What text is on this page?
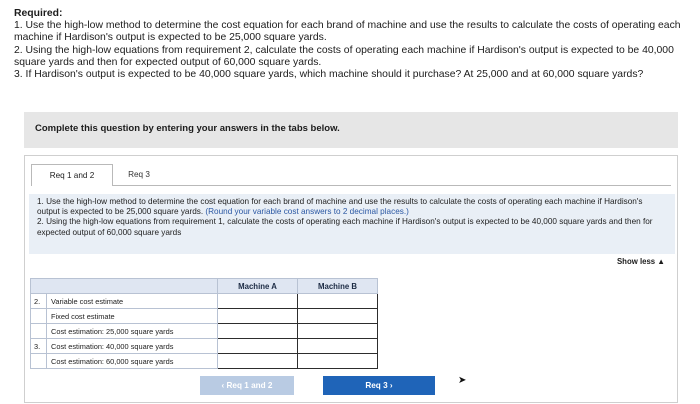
Required:
1. Use the high-low method to determine the cost equation for each brand of machine and use the results to calculate the costs of operating each machine if Hardison's output is expected to be 25,000 square yards.
2. Using the high-low equations from requirement 2, calculate the costs of operating each machine if Hardison's output is expected to be 40,000 square yards and then for expected output of 60,000 square yards.
3. If Hardison's output is expected to be 40,000 square yards, which machine should it purchase? At 25,000 and at 60,000 square yards?
Complete this question by entering your answers in the tabs below.
Req 1 and 2	Req 3
1. Use the high-low method to determine the cost equation for each brand of machine and use the results to calculate the costs of operating each machine if Hardison's output is expected to be 25,000 square yards. (Round your variable cost answers to 2 decimal places.)
2. Using the high-low equations from requirement 1, calculate the costs of operating each machine if Hardison's output is expected to be 40,000 square yards and then for expected output of 60,000 square yards
Show less ▲
		Machine A	Machine B
2.	Variable cost estimate		
	Fixed cost estimate		
	Cost estimation: 25,000 square yards		
3.	Cost estimation: 40,000 square yards		
	Cost estimation: 60,000 square yards		
‹ Req 1 and 2	Req 3 ›	➤
